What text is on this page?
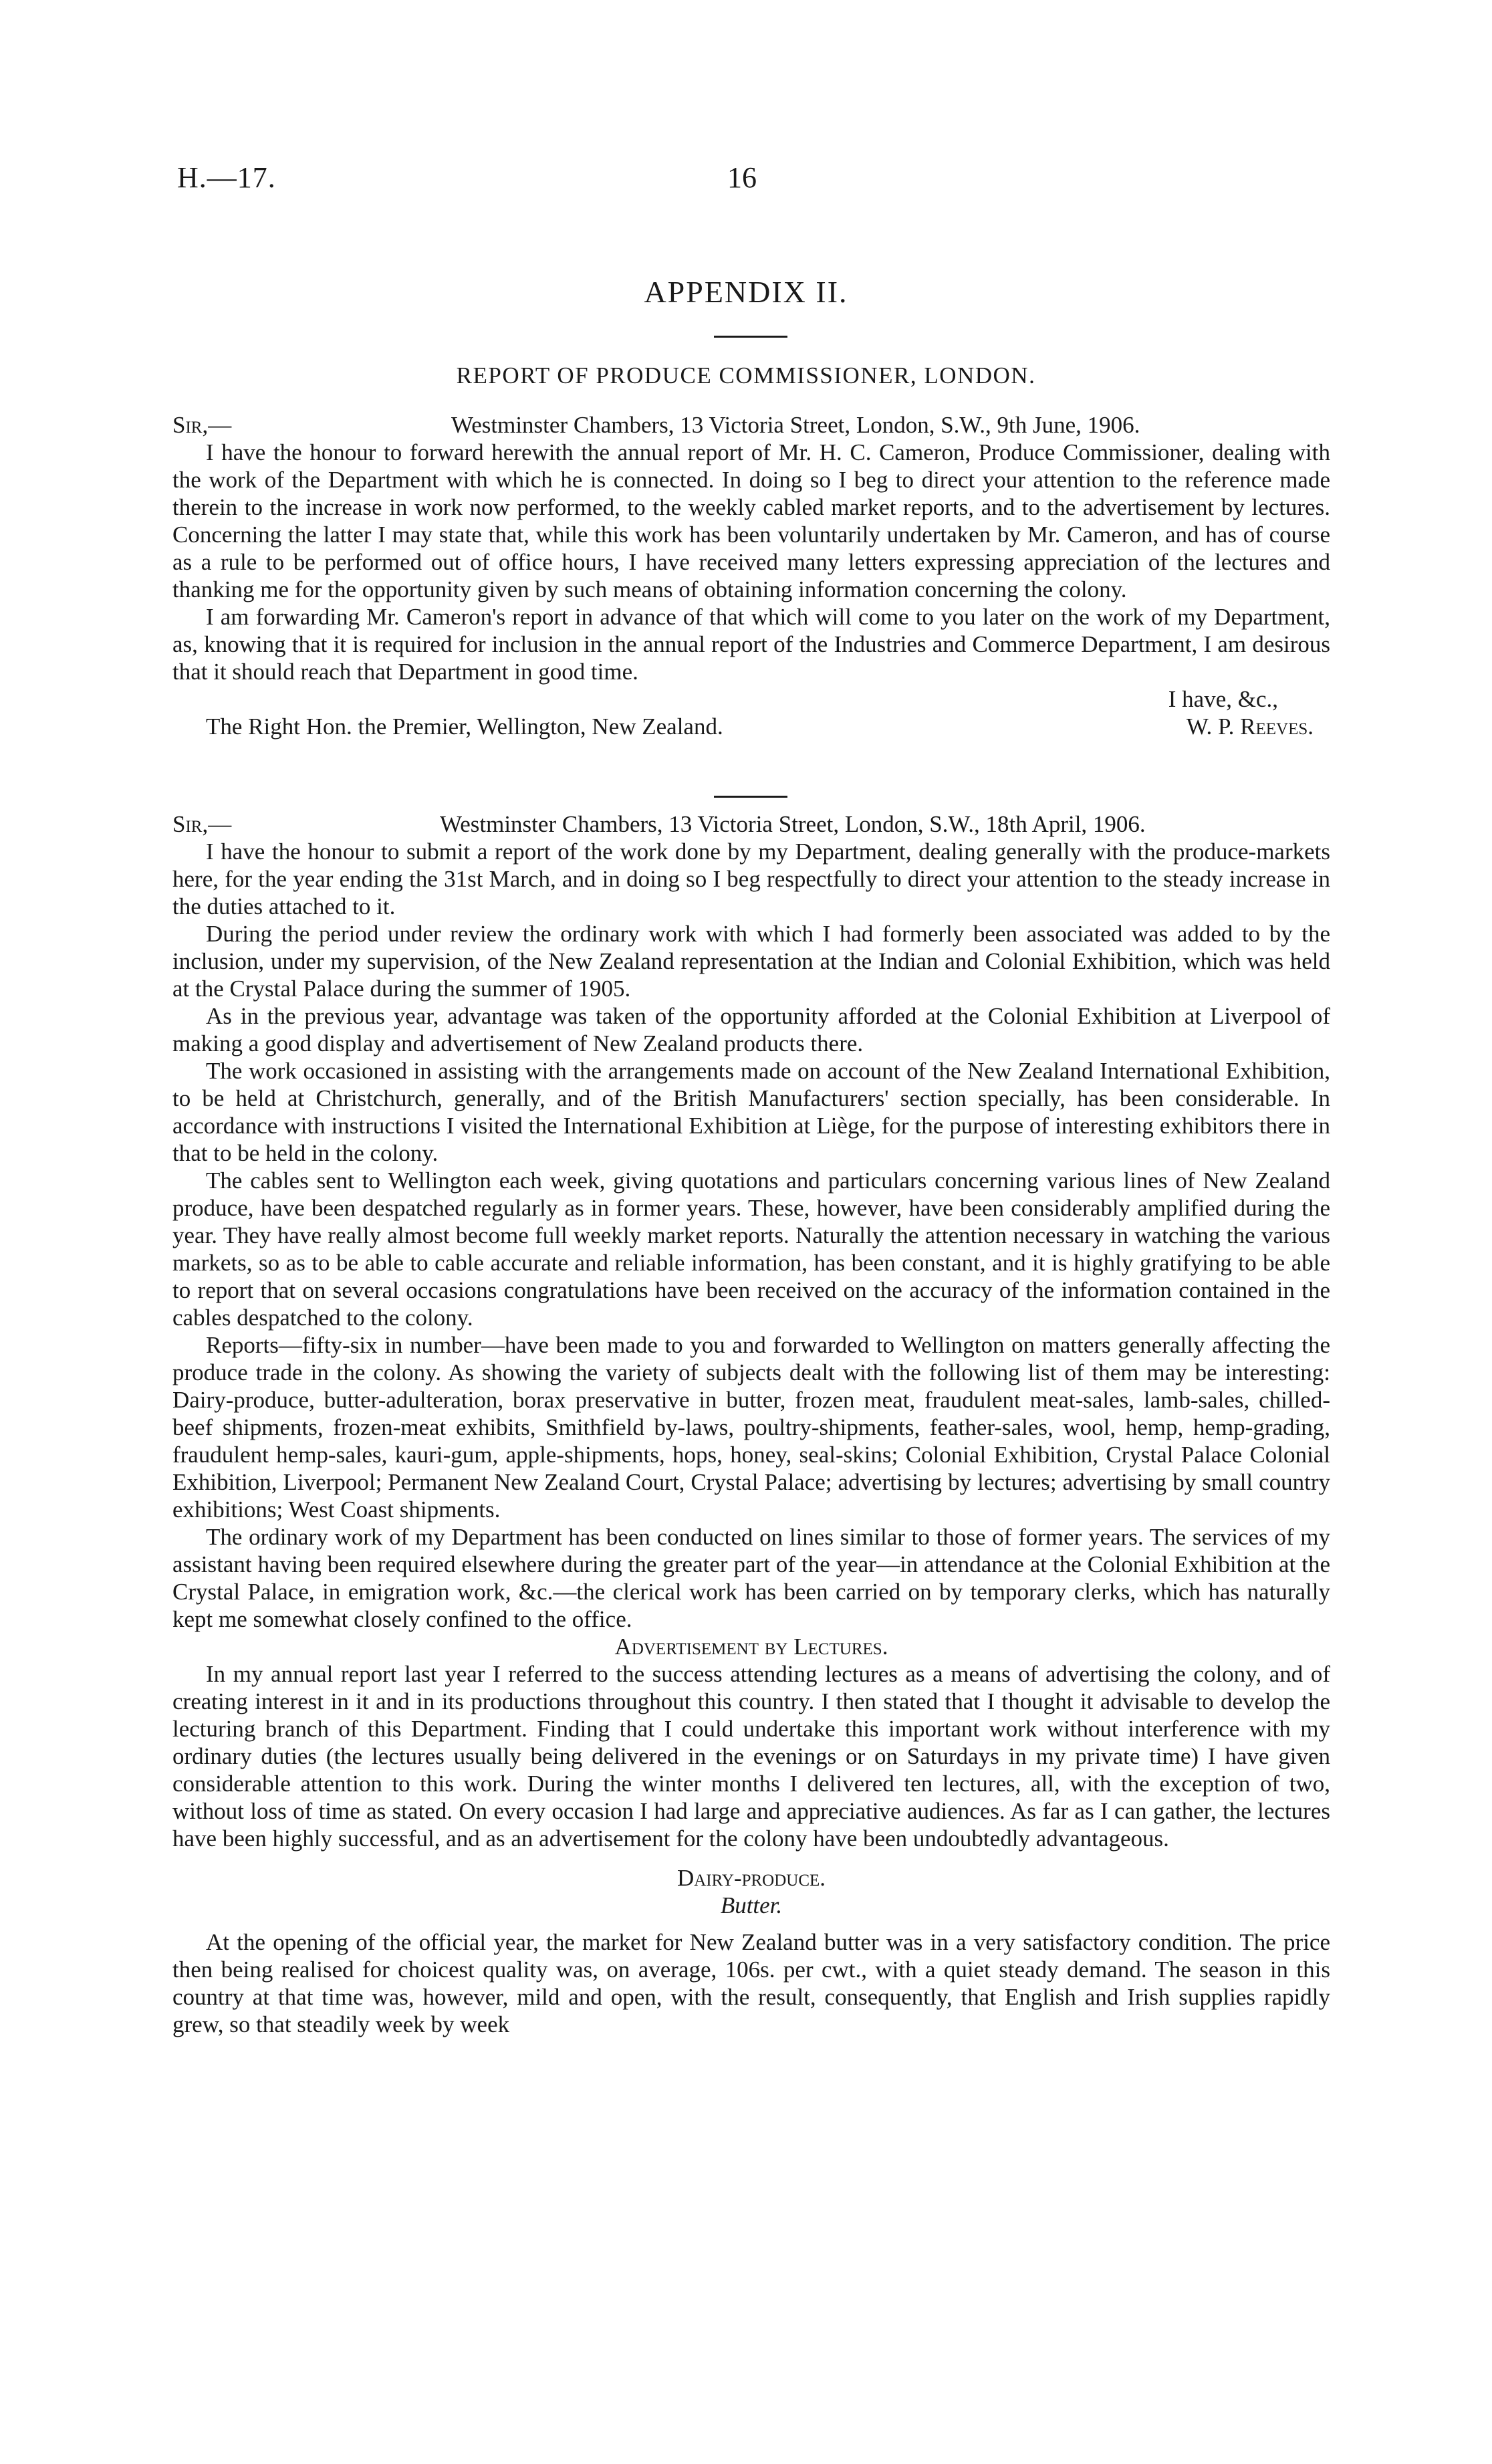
H.—17.	16
APPENDIX II.
REPORT OF PRODUCE COMMISSIONER, LONDON.
Sir,—	Westminster Chambers, 13 Victoria Street, London, S.W., 9th June, 1906.

I have the honour to forward herewith the annual report of Mr. H. C. Cameron, Produce Commissioner, dealing with the work of the Department with which he is connected. In doing so I beg to direct your attention to the reference made therein to the increase in work now performed, to the weekly cabled market reports, and to the advertisement by lectures. Concerning the latter I may state that, while this work has been voluntarily undertaken by Mr. Cameron, and has of course as a rule to be performed out of office hours, I have received many letters expressing appreciation of the lectures and thanking me for the opportunity given by such means of obtaining information concerning the colony.

I am forwarding Mr. Cameron's report in advance of that which will come to you later on the work of my Department, as, knowing that it is required for inclusion in the annual report of the Industries and Commerce Department, I am desirous that it should reach that Department in good time.

I have, &c.,
The Right Hon. the Premier, Wellington, New Zealand.	W. P. Reeves.
Sir,—	Westminster Chambers, 13 Victoria Street, London, S.W., 18th April, 1906.

I have the honour to submit a report of the work done by my Department, dealing generally with the produce-markets here, for the year ending the 31st March, and in doing so I beg respectfully to direct your attention to the steady increase in the duties attached to it.

During the period under review the ordinary work with which I had formerly been associated was added to by the inclusion, under my supervision, of the New Zealand representation at the Indian and Colonial Exhibition, which was held at the Crystal Palace during the summer of 1905.

As in the previous year, advantage was taken of the opportunity afforded at the Colonial Exhibition at Liverpool of making a good display and advertisement of New Zealand products there.

The work occasioned in assisting with the arrangements made on account of the New Zealand International Exhibition, to be held at Christchurch, generally, and of the British Manufacturers' section specially, has been considerable. In accordance with instructions I visited the International Exhibition at Liège, for the purpose of interesting exhibitors there in that to be held in the colony.

The cables sent to Wellington each week, giving quotations and particulars concerning various lines of New Zealand produce, have been despatched regularly as in former years. These, however, have been considerably amplified during the year. They have really almost become full weekly market reports. Naturally the attention necessary in watching the various markets, so as to be able to cable accurate and reliable information, has been constant, and it is highly gratifying to be able to report that on several occasions congratulations have been received on the accuracy of the information contained in the cables despatched to the colony.

Reports—fifty-six in number—have been made to you and forwarded to Wellington on matters generally affecting the produce trade in the colony. As showing the variety of subjects dealt with the following list of them may be interesting: Dairy-produce, butter-adulteration, borax preservative in butter, frozen meat, fraudulent meat-sales, lamb-sales, chilled-beef shipments, frozen-meat exhibits, Smithfield by-laws, poultry-shipments, feather-sales, wool, hemp, hemp-grading, fraudulent hemp-sales, kauri-gum, apple-shipments, hops, honey, seal-skins; Colonial Exhibition, Crystal Palace Colonial Exhibition, Liverpool; Permanent New Zealand Court, Crystal Palace; advertising by lectures; advertising by small country exhibitions; West Coast shipments.

The ordinary work of my Department has been conducted on lines similar to those of former years. The services of my assistant having been required elsewhere during the greater part of the year—in attendance at the Colonial Exhibition at the Crystal Palace, in emigration work, &c.—the clerical work has been carried on by temporary clerks, which has naturally kept me somewhat closely confined to the office.

Advertisement by Lectures.

In my annual report last year I referred to the success attending lectures as a means of advertising the colony, and of creating interest in it and in its productions throughout this country. I then stated that I thought it advisable to develop the lecturing branch of this Department. Finding that I could undertake this important work without interference with my ordinary duties (the lectures usually being delivered in the evenings or on Saturdays in my private time) I have given considerable attention to this work. During the winter months I delivered ten lectures, all, with the exception of two, without loss of time as stated. On every occasion I had large and appreciative audiences. As far as I can gather, the lectures have been highly successful, and as an advertisement for the colony have been undoubtedly advantageous.

Dairy-produce.

Butter.

At the opening of the official year, the market for New Zealand butter was in a very satisfactory condition. The price then being realised for choicest quality was, on average, 106s. per cwt., with a quiet steady demand. The season in this country at that time was, however, mild and open, with the result, consequently, that English and Irish supplies rapidly grew, so that steadily week by week
